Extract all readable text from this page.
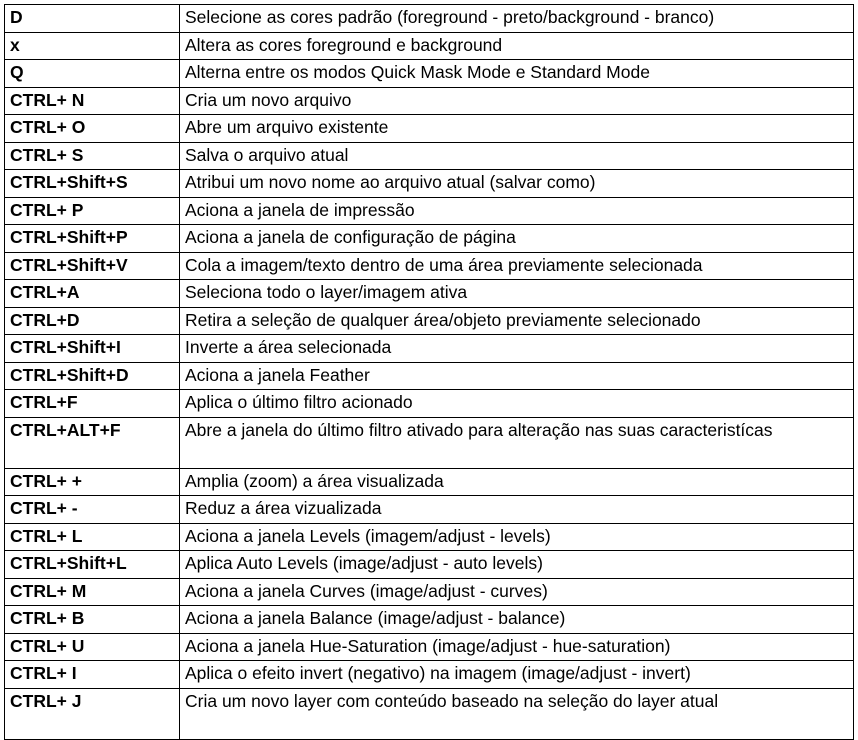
D	Selecione as cores padrão (foreground - preto/background - branco)
x	Altera as cores foreground e background
Q	Alterna entre os modos Quick Mask Mode e Standard Mode
CTRL+ N	Cria um novo arquivo
CTRL+ O	Abre um arquivo existente
CTRL+ S	Salva o arquivo atual
CTRL+Shift+S	Atribui um novo nome ao arquivo atual (salvar como)
CTRL+ P	Aciona a janela de impressão
CTRL+Shift+P	Aciona a janela de configuração de página
CTRL+Shift+V	Cola a imagem/texto dentro de uma área previamente selecionada
CTRL+A	Seleciona todo o layer/imagem ativa
CTRL+D	Retira a seleção de qualquer área/objeto previamente selecionado
CTRL+Shift+I	Inverte a área selecionada
CTRL+Shift+D	Aciona a janela Feather
CTRL+F	Aplica o último filtro acionado
CTRL+ALT+F	Abre a janela do último filtro ativado para alteração nas suas caracteristícas
CTRL+ +	Amplia (zoom) a área visualizada
CTRL+ -	Reduz a área vizualizada
CTRL+ L	Aciona a janela Levels (imagem/adjust - levels)
CTRL+Shift+L	Aplica Auto Levels (image/adjust - auto levels)
CTRL+ M	Aciona a janela Curves (image/adjust - curves)
CTRL+ B	Aciona a janela Balance (image/adjust - balance)
CTRL+ U	Aciona a janela Hue-Saturation (image/adjust - hue-saturation)
CTRL+ I	Aplica o efeito invert (negativo) na imagem (image/adjust - invert)
CTRL+ J	Cria um novo layer com conteúdo baseado na seleção do layer atual
